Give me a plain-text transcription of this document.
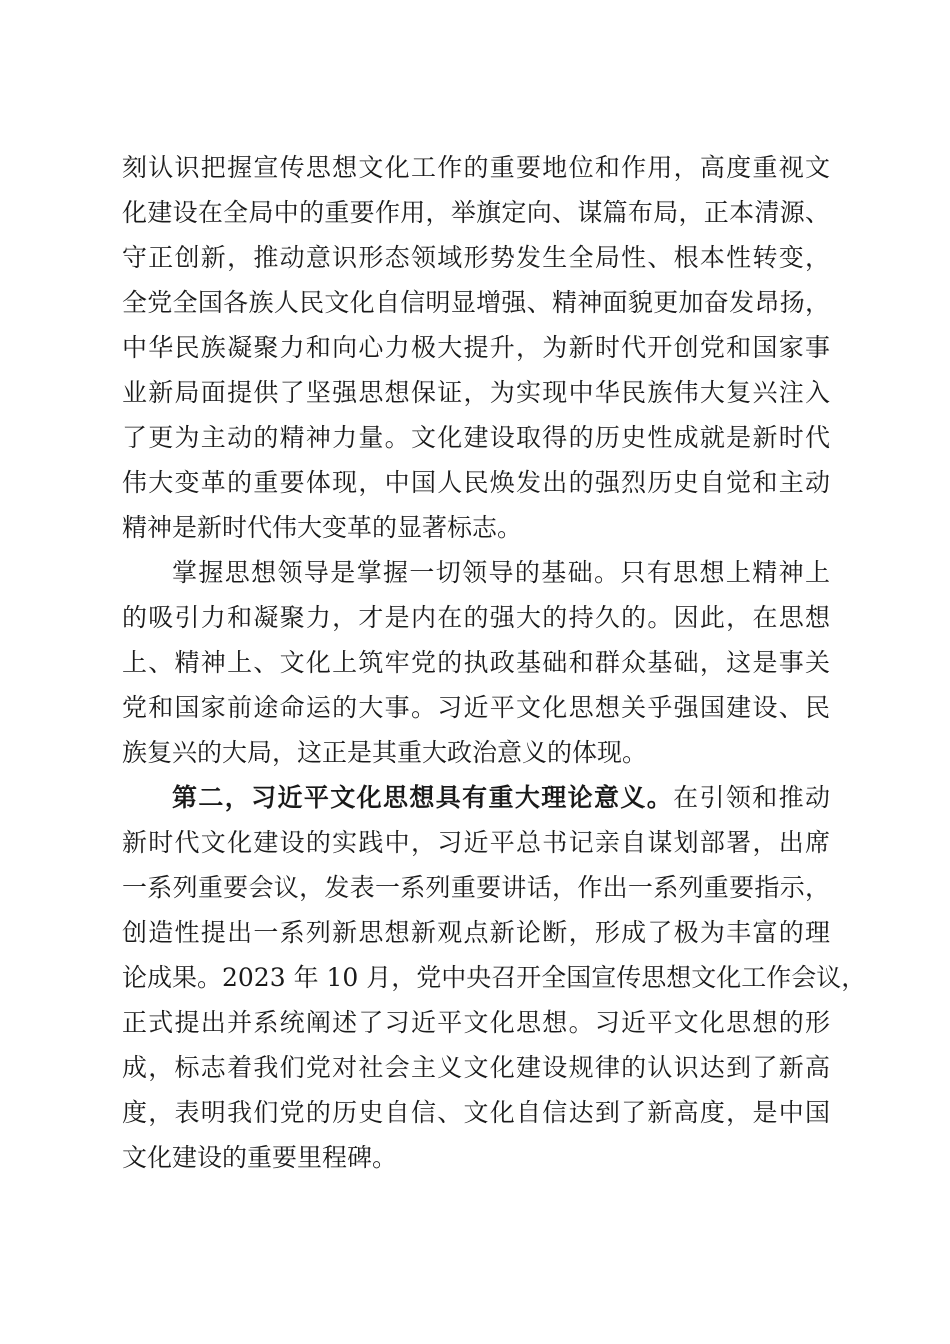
刻认识把握宣传思想文化工作的重要地位和作用，高度重视文
化建设在全局中的重要作用，举旗定向、谋篇布局，正本清源、
守正创新，推动意识形态领域形势发生全局性、根本性转变，
全党全国各族人民文化自信明显增强、精神面貌更加奋发昂扬，
中华民族凝聚力和向心力极大提升，为新时代开创党和国家事
业新局面提供了坚强思想保证，为实现中华民族伟大复兴注入
了更为主动的精神力量。文化建设取得的历史性成就是新时代
伟大变革的重要体现，中国人民焕发出的强烈历史自觉和主动
精神是新时代伟大变革的显著标志。
掌握思想领导是掌握一切领导的基础。只有思想上精神上
的吸引力和凝聚力，才是内在的强大的持久的。因此，在思想
上、精神上、文化上筑牢党的执政基础和群众基础，这是事关
党和国家前途命运的大事。习近平文化思想关乎强国建设、民
族复兴的大局，这正是其重大政治意义的体现。
第二，习近平文化思想具有重大理论意义。在引领和推动
新时代文化建设的实践中，习近平总书记亲自谋划部署，出席
一系列重要会议，发表一系列重要讲话，作出一系列重要指示，
创造性提出一系列新思想新观点新论断，形成了极为丰富的理
论成果。2023 年 10 月，党中央召开全国宣传思想文化工作会议，
正式提出并系统阐述了习近平文化思想。习近平文化思想的形
成，标志着我们党对社会主义文化建设规律的认识达到了新高
度，表明我们党的历史自信、文化自信达到了新高度，是中国
文化建设的重要里程碑。
